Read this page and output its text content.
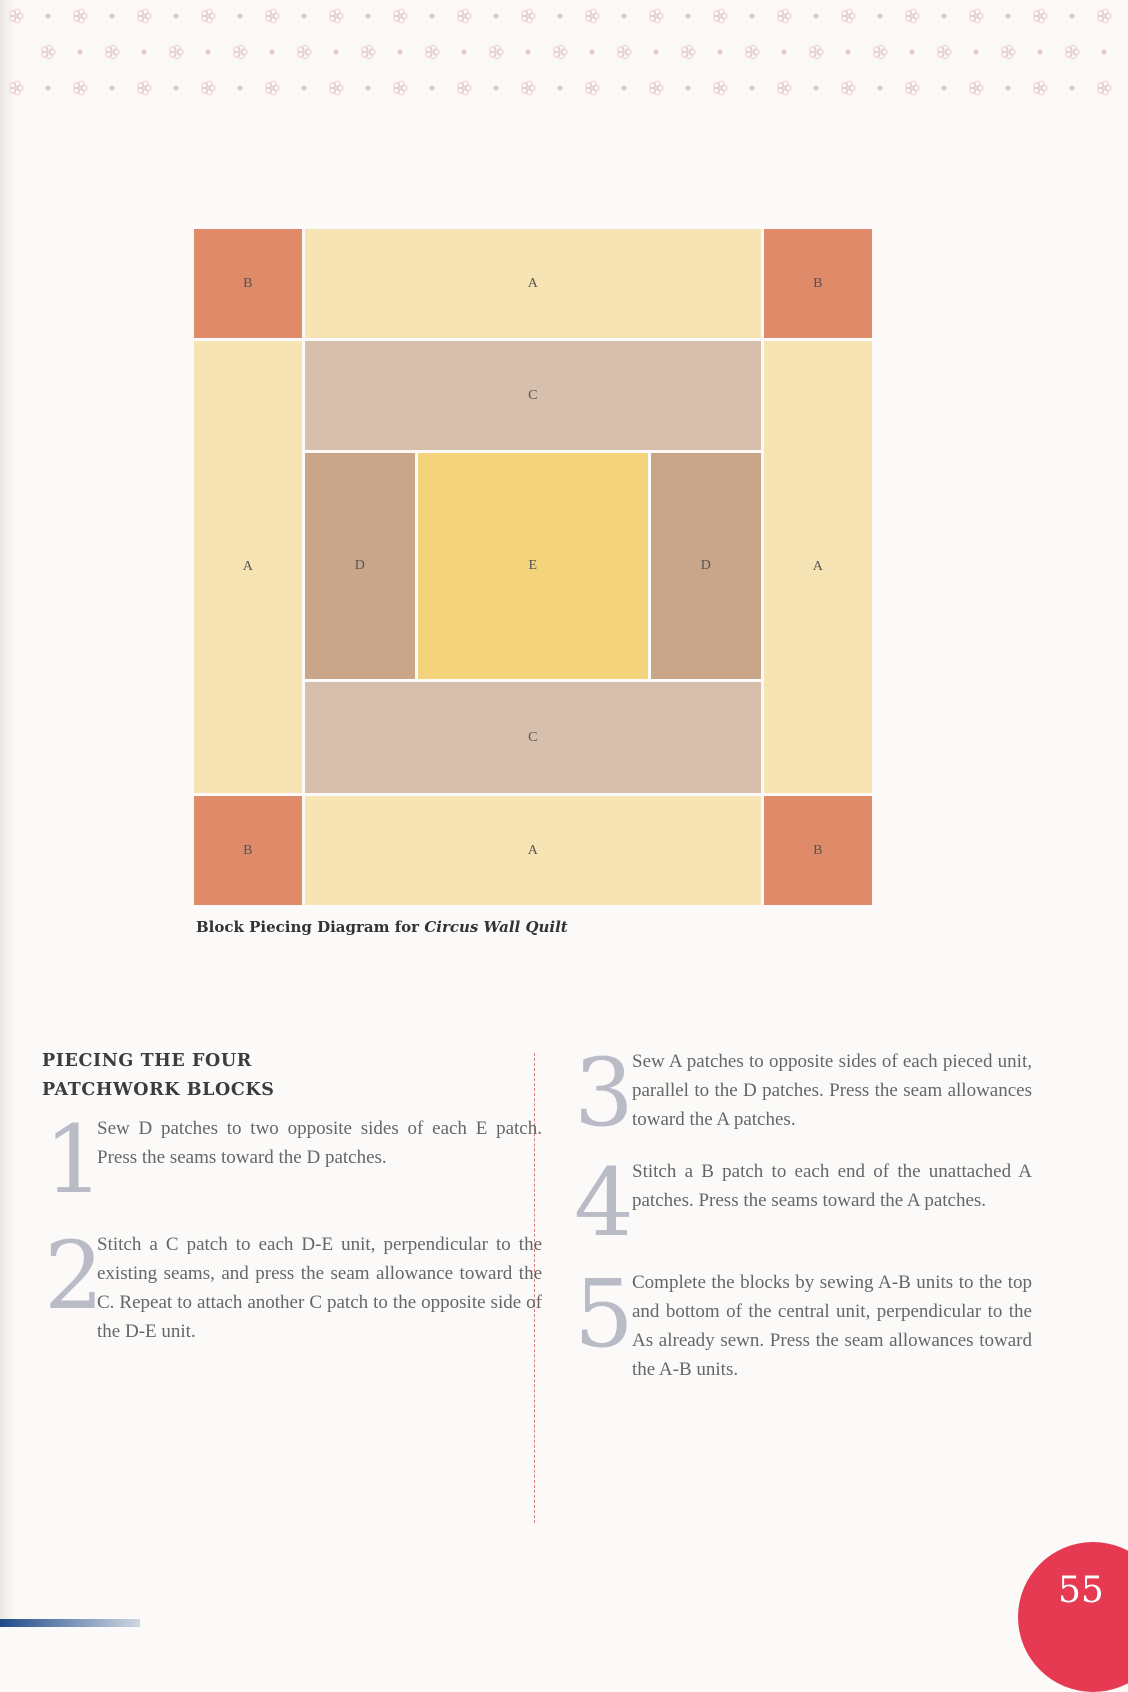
B	A	B
A	A
C
D	E	D
C
B	A	B
Block Piecing Diagram for Circus Wall Quilt
PIECING THE FOUR
PATCHWORK BLOCKS
1
Sew D patches to two opposite sides of each E patch. Press the seams toward the D patches.
2
Stitch a C patch to each D-E unit, perpendicular to the existing seams, and press the seam allowance toward the C. Repeat to attach another C patch to the opposite side of the D-E unit.
3
Sew A patches to opposite sides of each pieced unit, parallel to the D patches. Press the seam allowances toward the A patches.
4
Stitch a B patch to each end of the unattached A patches. Press the seams toward the A patches.
5
Complete the blocks by sewing A-B units to the top and bottom of the central unit, perpendicular to the As already sewn. Press the seam allowances toward the A-B units.
55
